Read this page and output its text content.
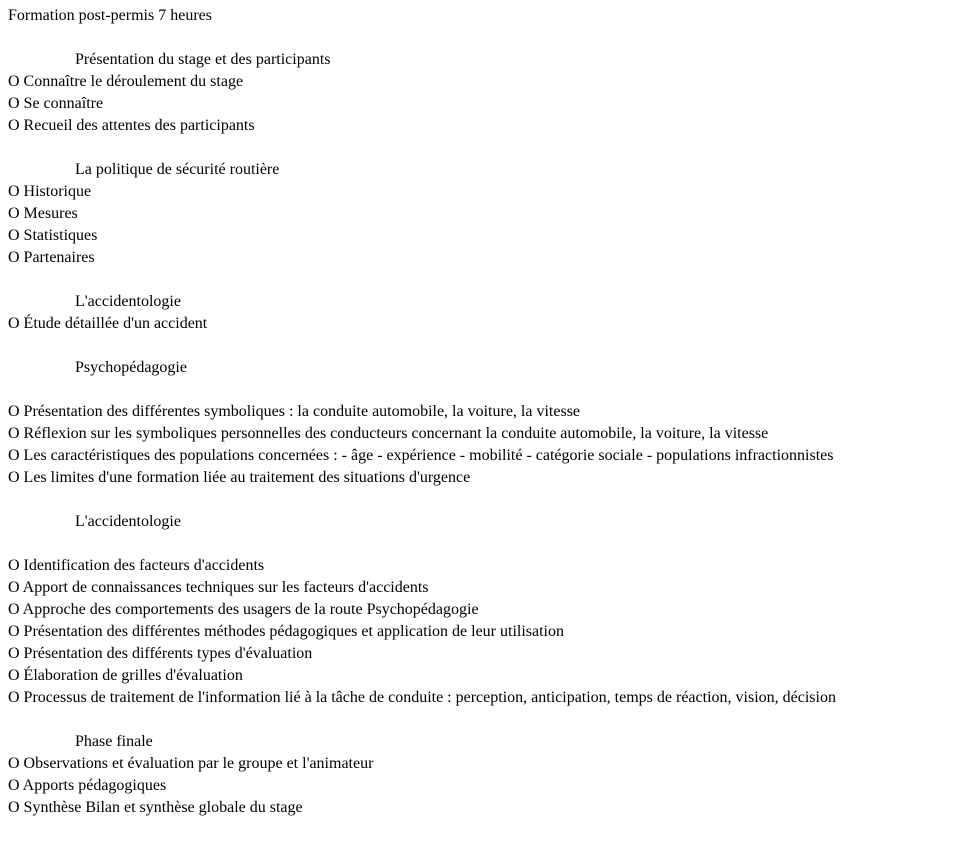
Formation post-permis 7 heures
Présentation du stage et des participants
O Connaître le déroulement du stage
O Se connaître
O Recueil des attentes des participants
La politique de sécurité routière
O Historique
O Mesures
O Statistiques
O Partenaires
L'accidentologie
O Étude détaillée d'un accident
Psychopédagogie
O Présentation des différentes symboliques : la conduite automobile, la voiture, la vitesse
O Réflexion sur les symboliques personnelles des conducteurs concernant la conduite automobile, la voiture, la vitesse
O Les caractéristiques des populations concernées : - âge - expérience - mobilité - catégorie sociale - populations infractionnistes
O Les limites d'une formation liée au traitement des situations d'urgence
L'accidentologie
O Identification des facteurs d'accidents
O Apport de connaissances techniques sur les facteurs d'accidents
O Approche des comportements des usagers de la route Psychopédagogie
O Présentation des différentes méthodes pédagogiques et application de leur utilisation
O Présentation des différents types d'évaluation
O Élaboration de grilles d'évaluation
O Processus de traitement de l'information lié à la tâche de conduite : perception, anticipation, temps de réaction, vision, décision
Phase finale
O Observations et évaluation par le groupe et l'animateur
O Apports pédagogiques
O Synthèse Bilan et synthèse globale du stage
